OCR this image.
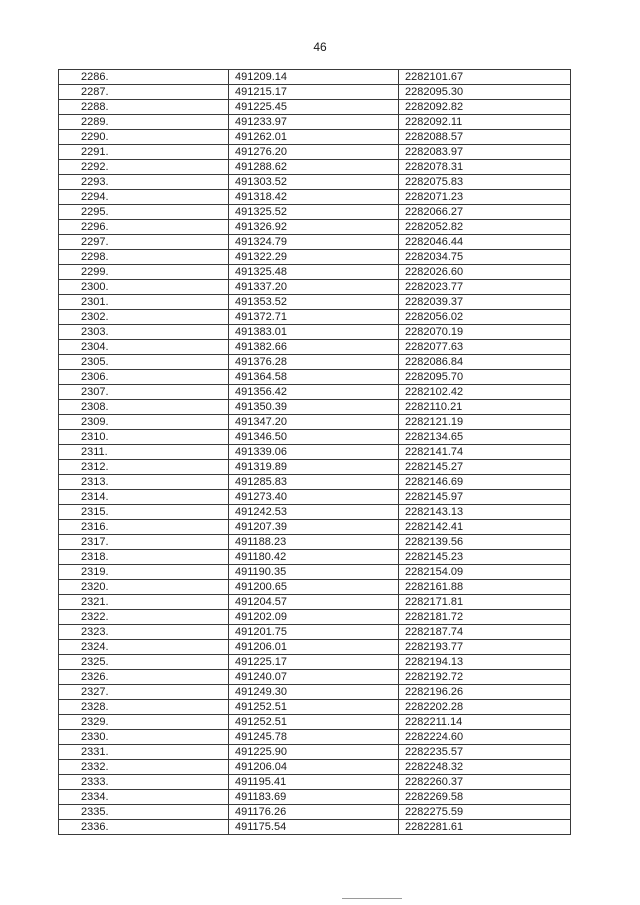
46
2286.	491209.14	2282101.67
2287.	491215.17	2282095.30
2288.	491225.45	2282092.82
2289.	491233.97	2282092.11
2290.	491262.01	2282088.57
2291.	491276.20	2282083.97
2292.	491288.62	2282078.31
2293.	491303.52	2282075.83
2294.	491318.42	2282071.23
2295.	491325.52	2282066.27
2296.	491326.92	2282052.82
2297.	491324.79	2282046.44
2298.	491322.29	2282034.75
2299.	491325.48	2282026.60
2300.	491337.20	2282023.77
2301.	491353.52	2282039.37
2302.	491372.71	2282056.02
2303.	491383.01	2282070.19
2304.	491382.66	2282077.63
2305.	491376.28	2282086.84
2306.	491364.58	2282095.70
2307.	491356.42	2282102.42
2308.	491350.39	2282110.21
2309.	491347.20	2282121.19
2310.	491346.50	2282134.65
2311.	491339.06	2282141.74
2312.	491319.89	2282145.27
2313.	491285.83	2282146.69
2314.	491273.40	2282145.97
2315.	491242.53	2282143.13
2316.	491207.39	2282142.41
2317.	491188.23	2282139.56
2318.	491180.42	2282145.23
2319.	491190.35	2282154.09
2320.	491200.65	2282161.88
2321.	491204.57	2282171.81
2322.	491202.09	2282181.72
2323.	491201.75	2282187.74
2324.	491206.01	2282193.77
2325.	491225.17	2282194.13
2326.	491240.07	2282192.72
2327.	491249.30	2282196.26
2328.	491252.51	2282202.28
2329.	491252.51	2282211.14
2330.	491245.78	2282224.60
2331.	491225.90	2282235.57
2332.	491206.04	2282248.32
2333.	491195.41	2282260.37
2334.	491183.69	2282269.58
2335.	491176.26	2282275.59
2336.	491175.54	2282281.61
